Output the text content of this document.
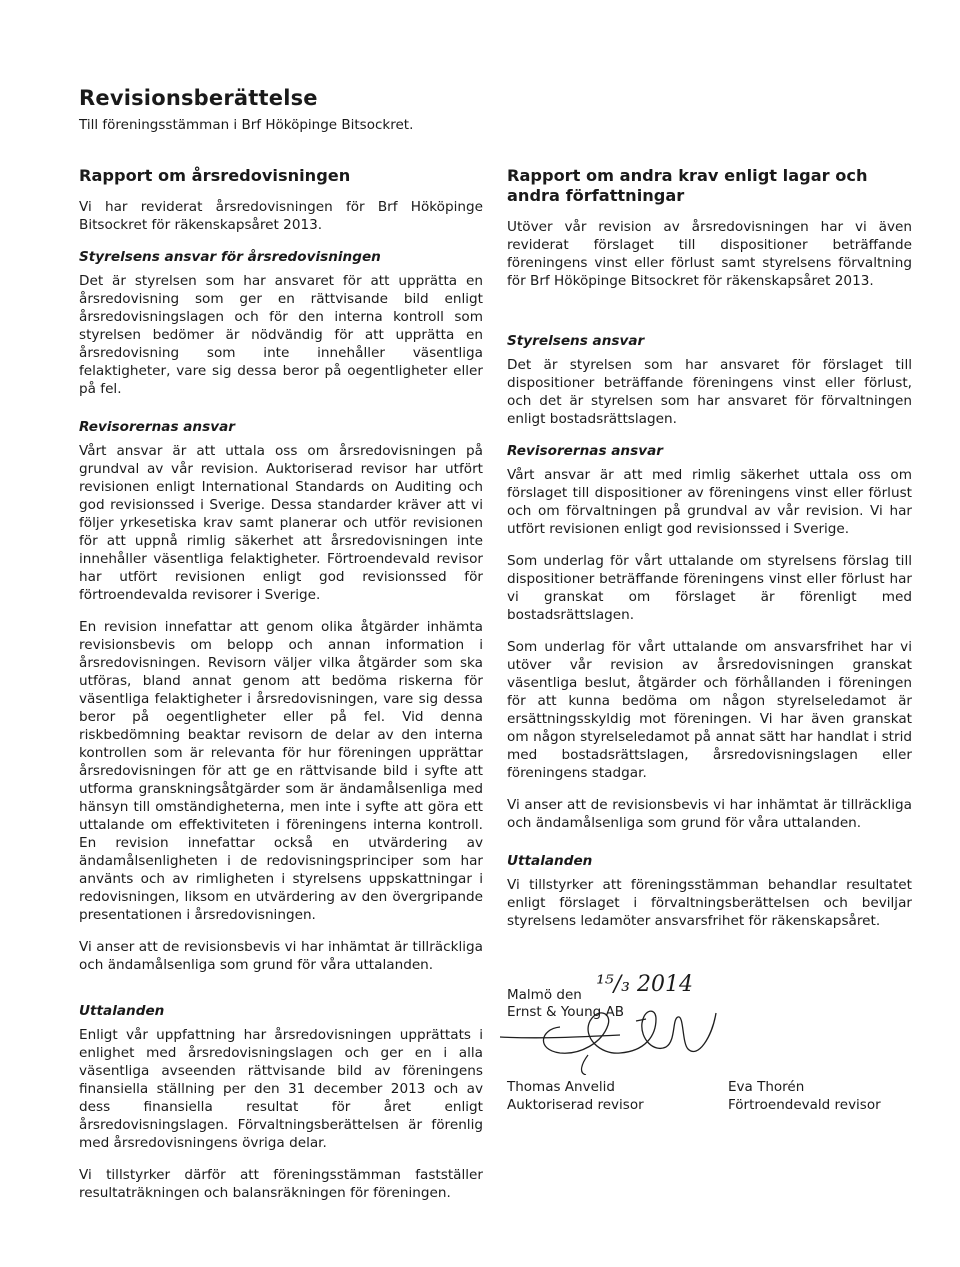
Revisionsberättelse
Till föreningsstämman i Brf Hököpinge Bitsockret.
Rapport om årsredovisningen

Vi har reviderat årsredovisningen för Brf Hököpinge Bitsockret för räkenskapsåret 2013.

Styrelsens ansvar för årsredovisningen

Det är styrelsen som har ansvaret för att upprätta en årsredovisning som ger en rättvisande bild enligt årsredovisningslagen och för den interna kontroll som styrelsen bedömer är nödvändig för att upprätta en årsredovisning som inte innehåller väsentliga felaktigheter, vare sig dessa beror på oegentligheter eller på fel.

Revisorernas ansvar

Vårt ansvar är att uttala oss om årsredovisningen på grundval av vår revision. Auktoriserad revisor har utfört revisionen enligt International Standards on Auditing och god revisionssed i Sverige. Dessa standarder kräver att vi följer yrkesetiska krav samt planerar och utför revisionen för att uppnå rimlig säkerhet att årsredovisningen inte innehåller väsentliga felaktigheter. Förtroendevald revisor har utfört revisionen enligt god revisionssed för förtroendevalda revisorer i Sverige.

En revision innefattar att genom olika åtgärder inhämta revisionsbevis om belopp och annan information i årsredovisningen. Revisorn väljer vilka åtgärder som ska utföras, bland annat genom att bedöma riskerna för väsentliga felaktigheter i årsredovisningen, vare sig dessa beror på oegentligheter eller på fel. Vid denna riskbedömning beaktar revisorn de delar av den interna kontrollen som är relevanta för hur föreningen upprättar årsredovisningen för att ge en rättvisande bild i syfte att utforma granskningsåtgärder som är ändamålsenliga med hänsyn till omständigheterna, men inte i syfte att göra ett uttalande om effektiviteten i föreningens interna kontroll. En revision innefattar också en utvärdering av ändamålsenligheten i de redovisningsprinciper som har använts och av rimligheten i styrelsens uppskattningar i redovisningen, liksom en utvärdering av den övergripande presentationen i årsredovisningen.

Vi anser att de revisionsbevis vi har inhämtat är tillräckliga och ändamålsenliga som grund för våra uttalanden.

Uttalanden

Enligt vår uppfattning har årsredovisningen upprättats i enlighet med årsredovisningslagen och ger en i alla väsentliga avseenden rättvisande bild av föreningens finansiella ställning per den 31 december 2013 och av dess finansiella resultat för året enligt årsredovisningslagen. Förvaltningsberättelsen är förenlig med årsredovisningens övriga delar.

Vi tillstyrker därför att föreningsstämman fastställer resultaträkningen och balansräkningen för föreningen.

Rapport om andra krav enligt lagar och andra författningar

Utöver vår revision av årsredovisningen har vi även reviderat förslaget till dispositioner beträffande föreningens vinst eller förlust samt styrelsens förvaltning för Brf Hököpinge Bitsockret för räkenskapsåret 2013.

Styrelsens ansvar

Det är styrelsen som har ansvaret för förslaget till dispositioner beträffande föreningens vinst eller förlust, och det är styrelsen som har ansvaret för förvaltningen enligt bostadsrättslagen.

Revisorernas ansvar

Vårt ansvar är att med rimlig säkerhet uttala oss om förslaget till dispositioner av föreningens vinst eller förlust och om förvaltningen på grundval av vår revision. Vi har utfört revisionen enligt god revisionssed i Sverige.

Som underlag för vårt uttalande om styrelsens förslag till dispositioner beträffande föreningens vinst eller förlust har vi granskat om förslaget är förenligt med bostadsrättslagen.

Som underlag för vårt uttalande om ansvarsfrihet har vi utöver vår revision av årsredovisningen granskat väsentliga beslut, åtgärder och förhållanden i föreningen för att kunna bedöma om någon styrelseledamot är ersättningsskyldig mot föreningen. Vi har även granskat om någon styrelseledamot på annat sätt har handlat i strid med bostadsrättslagen, årsredovisningslagen eller föreningens stadgar.

Vi anser att de revisionsbevis vi har inhämtat är tillräckliga och ändamålsenliga som grund för våra uttalanden.

Uttalanden

Vi tillstyrker att föreningsstämman behandlar resultatet enligt förslaget i förvaltningsberättelsen och beviljar styrelsens ledamöter ansvarsfrihet för räkenskapsåret.

Malmö den ¹⁵/₃ 2014
Ernst & Young AB
Thomas Anvelid
Auktoriserad revisor
Eva Thorén
Förtroendevald revisor
